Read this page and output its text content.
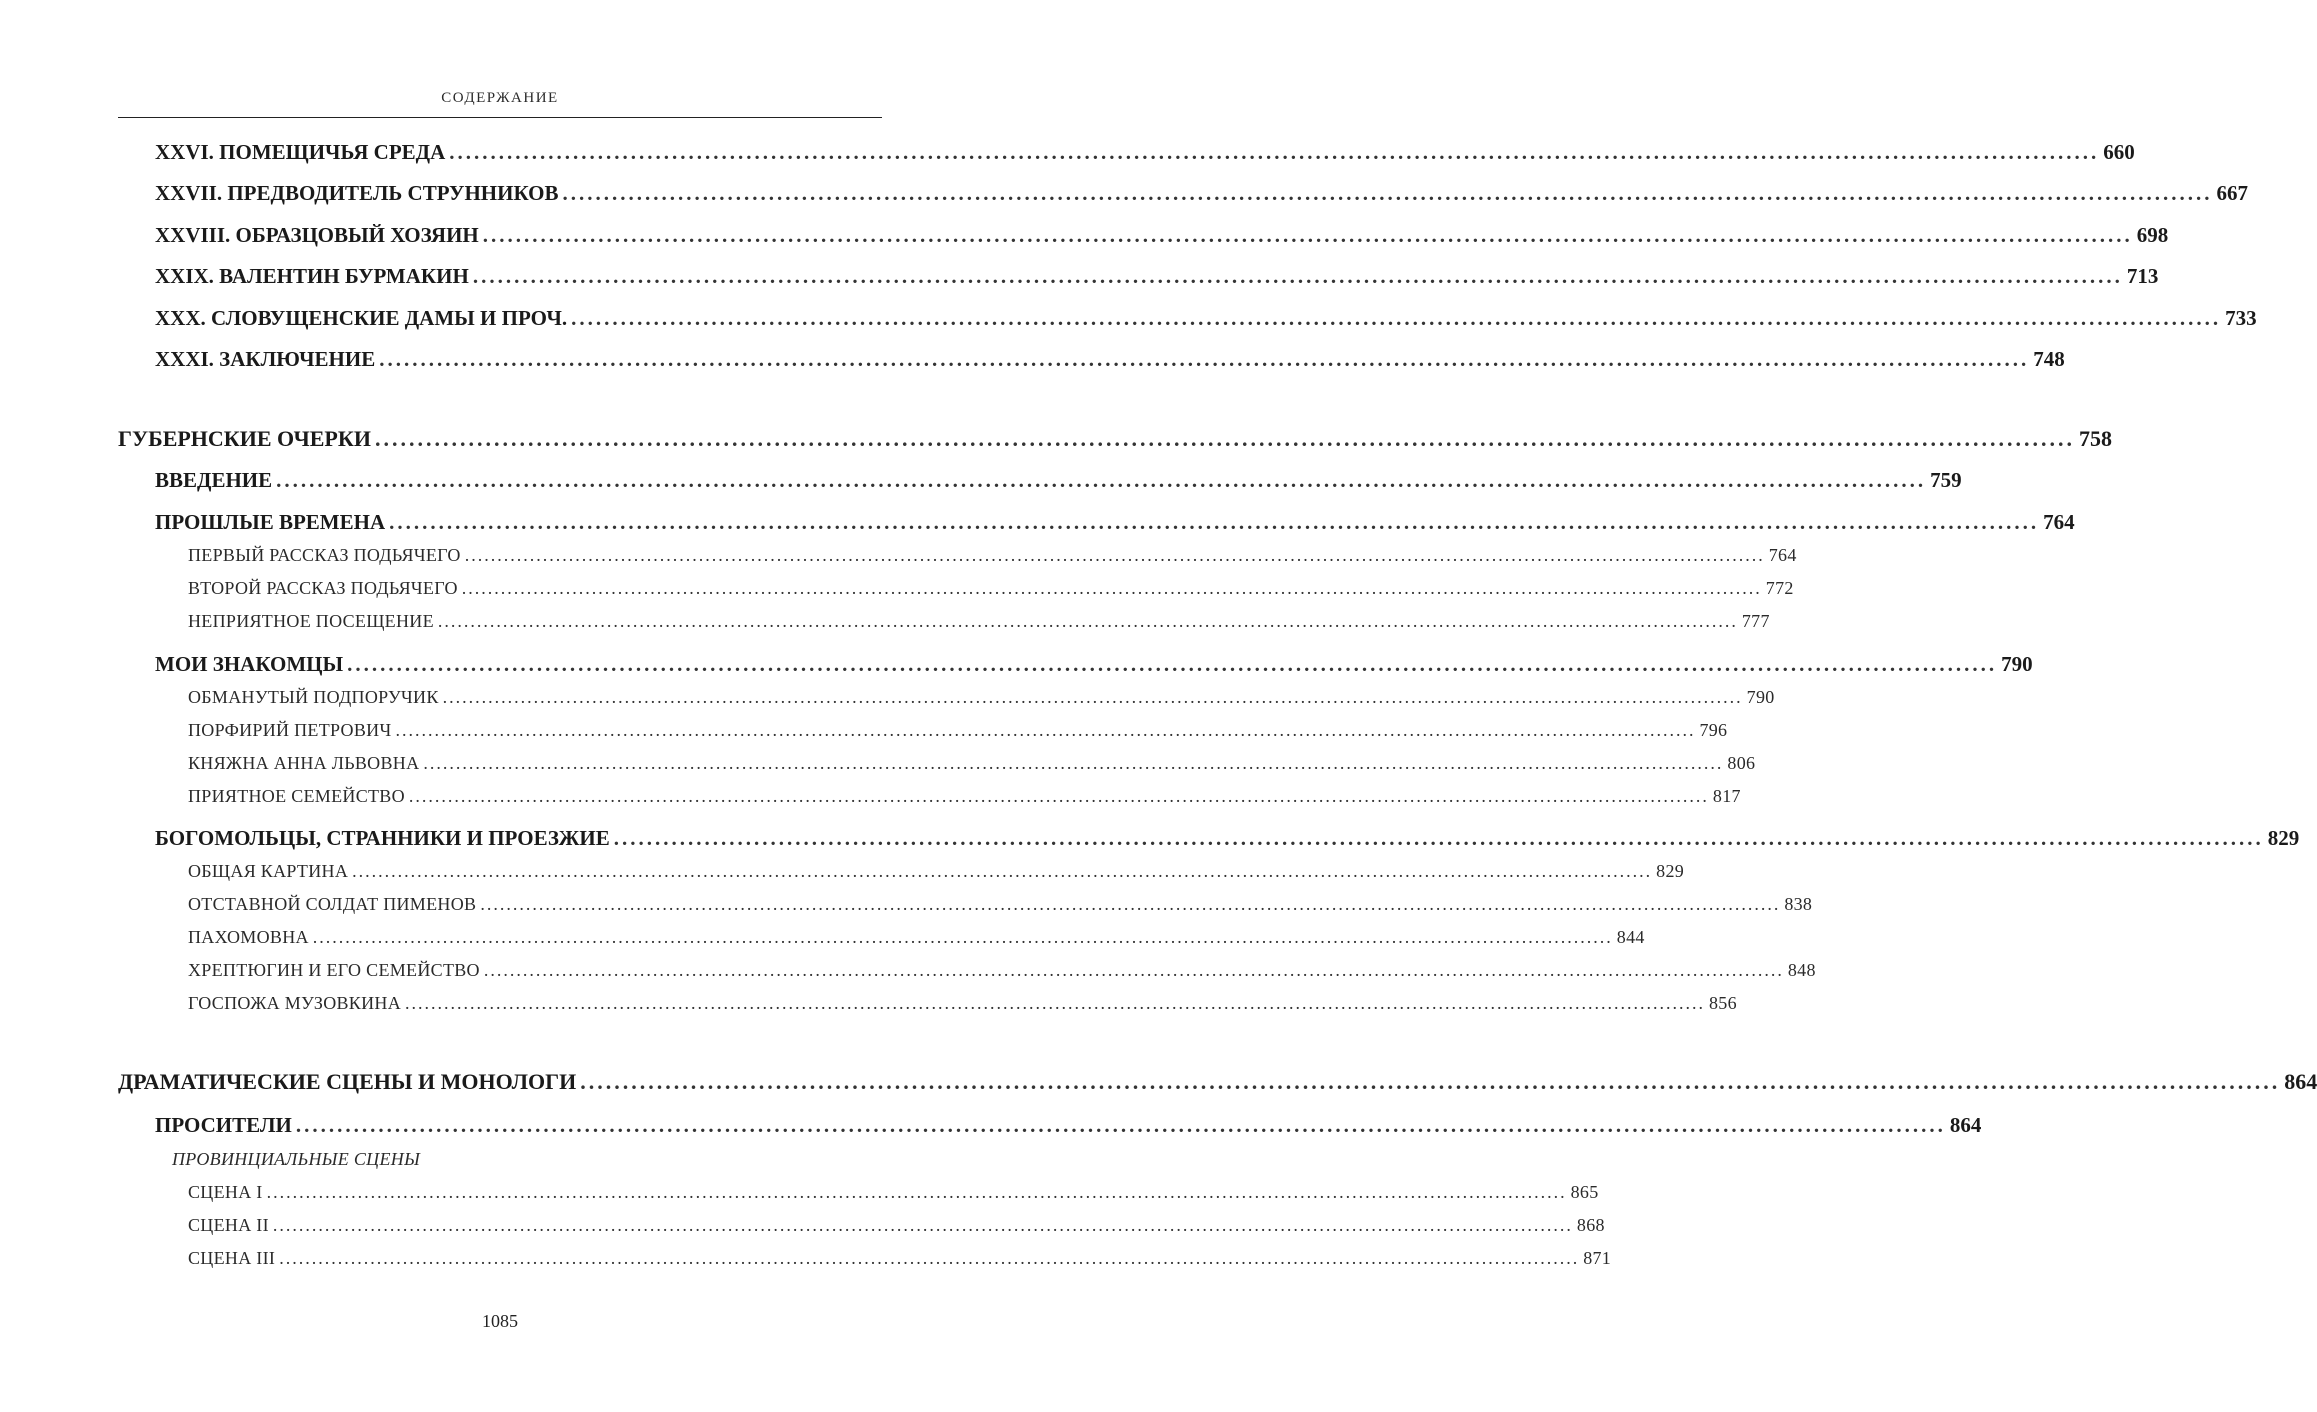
СОДЕРЖАНИЕ
XXVI. ПОМЕЩИЧЬЯ СРЕДА ........................................................................................................................................................................................................ 660
XXVII. ПРЕДВОДИТЕЛЬ СТРУННИКОВ ........................................................................................................................................................................................................ 667
XXVIII. ОБРАЗЦОВЫЙ ХОЗЯИН ........................................................................................................................................................................................................ 698
XXIX. ВАЛЕНТИН БУРМАКИН ........................................................................................................................................................................................................ 713
XXX. СЛОВУЩЕНСКИЕ ДАМЫ И ПРОЧ. ........................................................................................................................................................................................................ 733
XXXI. ЗАКЛЮЧЕНИЕ ........................................................................................................................................................................................................ 748
ГУБЕРНСКИЕ ОЧЕРКИ ........................................................................................................................................................................................................ 758
ВВЕДЕНИЕ ........................................................................................................................................................................................................ 759
ПРОШЛЫЕ ВРЕМЕНА ........................................................................................................................................................................................................ 764
ПЕРВЫЙ РАССКАЗ ПОДЬЯЧЕГО ........................................................................................................................................................................................................ 764
ВТОРОЙ РАССКАЗ ПОДЬЯЧЕГО ........................................................................................................................................................................................................ 772
НЕПРИЯТНОЕ ПОСЕЩЕНИЕ ........................................................................................................................................................................................................ 777
МОИ ЗНАКОМЦЫ ........................................................................................................................................................................................................ 790
ОБМАНУТЫЙ ПОДПОРУЧИК ........................................................................................................................................................................................................ 790
ПОРФИРИЙ ПЕТРОВИЧ ........................................................................................................................................................................................................ 796
КНЯЖНА АННА ЛЬВОВНА ........................................................................................................................................................................................................ 806
ПРИЯТНОЕ СЕМЕЙСТВО ........................................................................................................................................................................................................ 817
БОГОМОЛЬЦЫ, СТРАННИКИ И ПРОЕЗЖИЕ ........................................................................................................................................................................................................ 829
ОБЩАЯ КАРТИНА ........................................................................................................................................................................................................ 829
ОТСТАВНОЙ СОЛДАТ ПИМЕНОВ ........................................................................................................................................................................................................ 838
ПАХОМОВНА ........................................................................................................................................................................................................ 844
ХРЕПТЮГИН И ЕГО СЕМЕЙСТВО ........................................................................................................................................................................................................ 848
ГОСПОЖА МУЗОВКИНА ........................................................................................................................................................................................................ 856
ДРАМАТИЧЕСКИЕ СЦЕНЫ И МОНОЛОГИ ........................................................................................................................................................................................................ 864
ПРОСИТЕЛИ ........................................................................................................................................................................................................ 864
ПРОВИНЦИАЛЬНЫЕ СЦЕНЫ
СЦЕНА I ........................................................................................................................................................................................................ 865
СЦЕНА II ........................................................................................................................................................................................................ 868
СЦЕНА III ........................................................................................................................................................................................................ 871
1085
